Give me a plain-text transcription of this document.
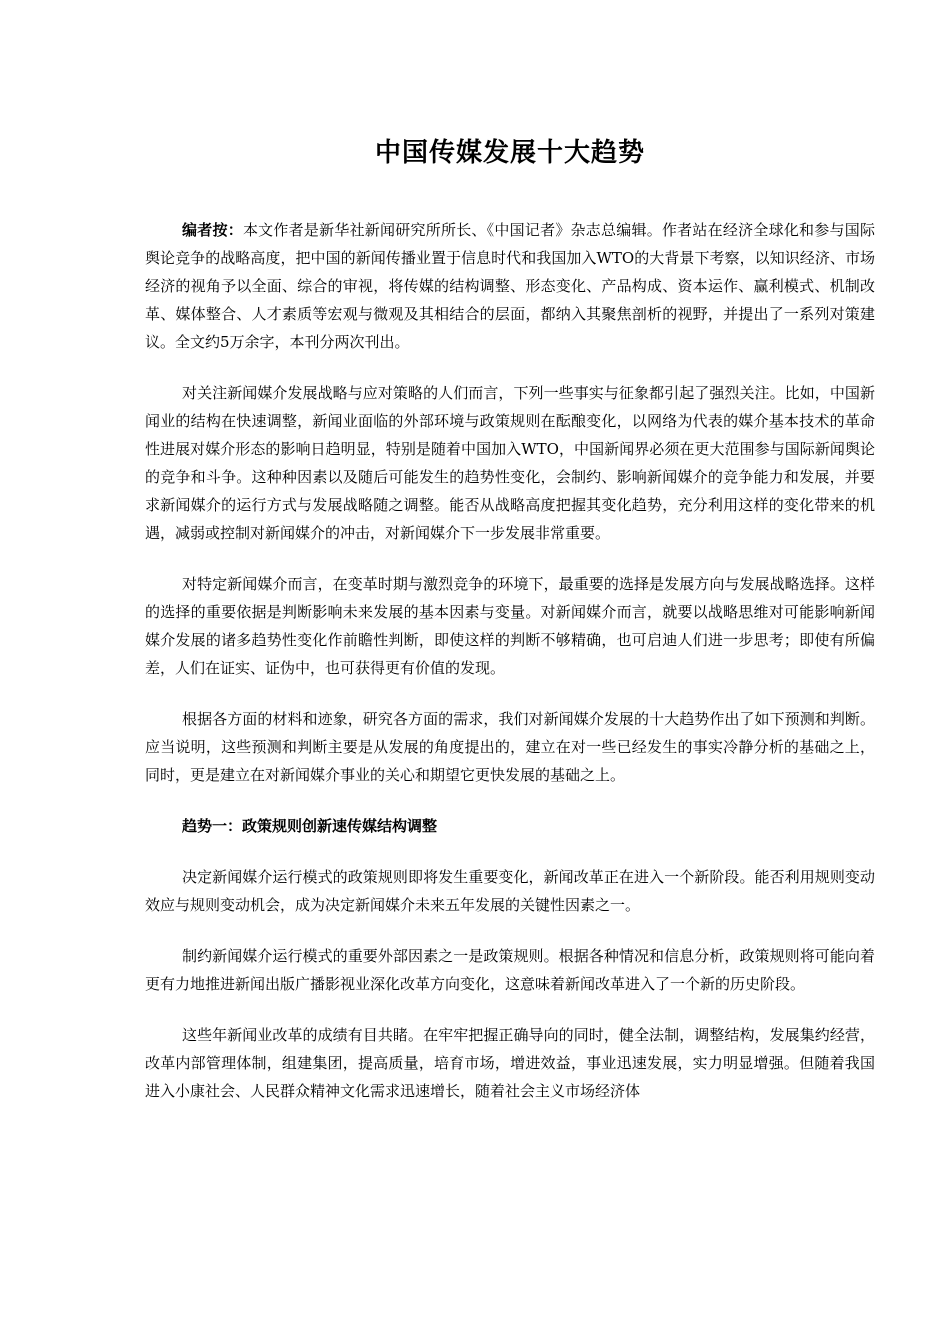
中国传媒发展十大趋势

编者按：本文作者是新华社新闻研究所所长、《中国记者》杂志总编辑。作者站在经济全球化和参与国际舆论竞争的战略高度，把中国的新闻传播业置于信息时代和我国加入WTO的大背景下考察，以知识经济、市场经济的视角予以全面、综合的审视，将传媒的结构调整、形态变化、产品构成、资本运作、赢利模式、机制改革、媒体整合、人才素质等宏观与微观及其相结合的层面，都纳入其聚焦剖析的视野，并提出了一系列对策建议。全文约5万余字，本刊分两次刊出。

对关注新闻媒介发展战略与应对策略的人们而言，下列一些事实与征象都引起了强烈关注。比如，中国新闻业的结构在快速调整，新闻业面临的外部环境与政策规则在酝酿变化，以网络为代表的媒介基本技术的革命性进展对媒介形态的影响日趋明显，特别是随着中国加入WTO，中国新闻界必须在更大范围参与国际新闻舆论的竞争和斗争。这种种因素以及随后可能发生的趋势性变化，会制约、影响新闻媒介的竞争能力和发展，并要求新闻媒介的运行方式与发展战略随之调整。能否从战略高度把握其变化趋势，充分利用这样的变化带来的机遇，减弱或控制对新闻媒介的冲击，对新闻媒介下一步发展非常重要。

对特定新闻媒介而言，在变革时期与激烈竞争的环境下，最重要的选择是发展方向与发展战略选择。这样的选择的重要依据是判断影响未来发展的基本因素与变量。对新闻媒介而言，就要以战略思维对可能影响新闻媒介发展的诸多趋势性变化作前瞻性判断，即使这样的判断不够精确，也可启迪人们进一步思考；即使有所偏差，人们在证实、证伪中，也可获得更有价值的发现。

根据各方面的材料和迹象，研究各方面的需求，我们对新闻媒介发展的十大趋势作出了如下预测和判断。应当说明，这些预测和判断主要是从发展的角度提出的，建立在对一些已经发生的事实冷静分析的基础之上，同时，更是建立在对新闻媒介事业的关心和期望它更快发展的基础之上。

趋势一：政策规则创新速传媒结构调整

决定新闻媒介运行模式的政策规则即将发生重要变化，新闻改革正在进入一个新阶段。能否利用规则变动效应与规则变动机会，成为决定新闻媒介未来五年发展的关键性因素之一。

制约新闻媒介运行模式的重要外部因素之一是政策规则。根据各种情况和信息分析，政策规则将可能向着更有力地推进新闻出版广播影视业深化改革方向变化，这意味着新闻改革进入了一个新的历史阶段。

这些年新闻业改革的成绩有目共睹。在牢牢把握正确导向的同时，健全法制，调整结构，发展集约经营，改革内部管理体制，组建集团，提高质量，培育市场，增进效益，事业迅速发展，实力明显增强。但随着我国进入小康社会、人民群众精神文化需求迅速增长，随着社会主义市场经济体
